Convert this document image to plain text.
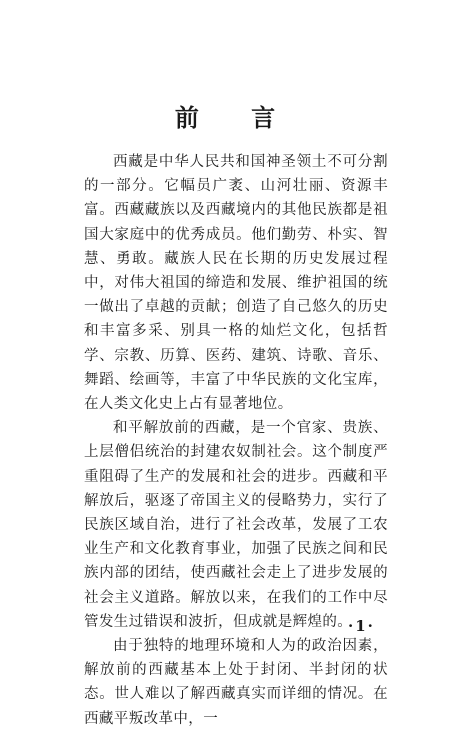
前 言

西藏是中华人民共和国神圣领土不可分割的一部分。它幅员广袤、山河壮丽、资源丰富。西藏藏族以及西藏境内的其他民族都是祖国大家庭中的优秀成员。他们勤劳、朴实、智慧、勇敢。藏族人民在长期的历史发展过程中，对伟大祖国的缔造和发展、维护祖国的统一做出了卓越的贡献；创造了自己悠久的历史和丰富多采、别具一格的灿烂文化，包括哲学、宗教、历算、医药、建筑、诗歌、音乐、舞蹈、绘画等，丰富了中华民族的文化宝库，在人类文化史上占有显著地位。

和平解放前的西藏，是一个官家、贵族、上层僧侣统治的封建农奴制社会。这个制度严重阻碍了生产的发展和社会的进步。西藏和平解放后，驱逐了帝国主义的侵略势力，实行了民族区域自治，进行了社会改革，发展了工农业生产和文化教育事业，加强了民族之间和民族内部的团结，使西藏社会走上了进步发展的社会主义道路。解放以来，在我们的工作中尽管发生过错误和波折，但成就是辉煌的。

由于独特的地理环境和人为的政治因素，解放前的西藏基本上处于封闭、半封闭的状态。世人难以了解西藏真实而详细的情况。在西藏平叛改革中，一

·1·
